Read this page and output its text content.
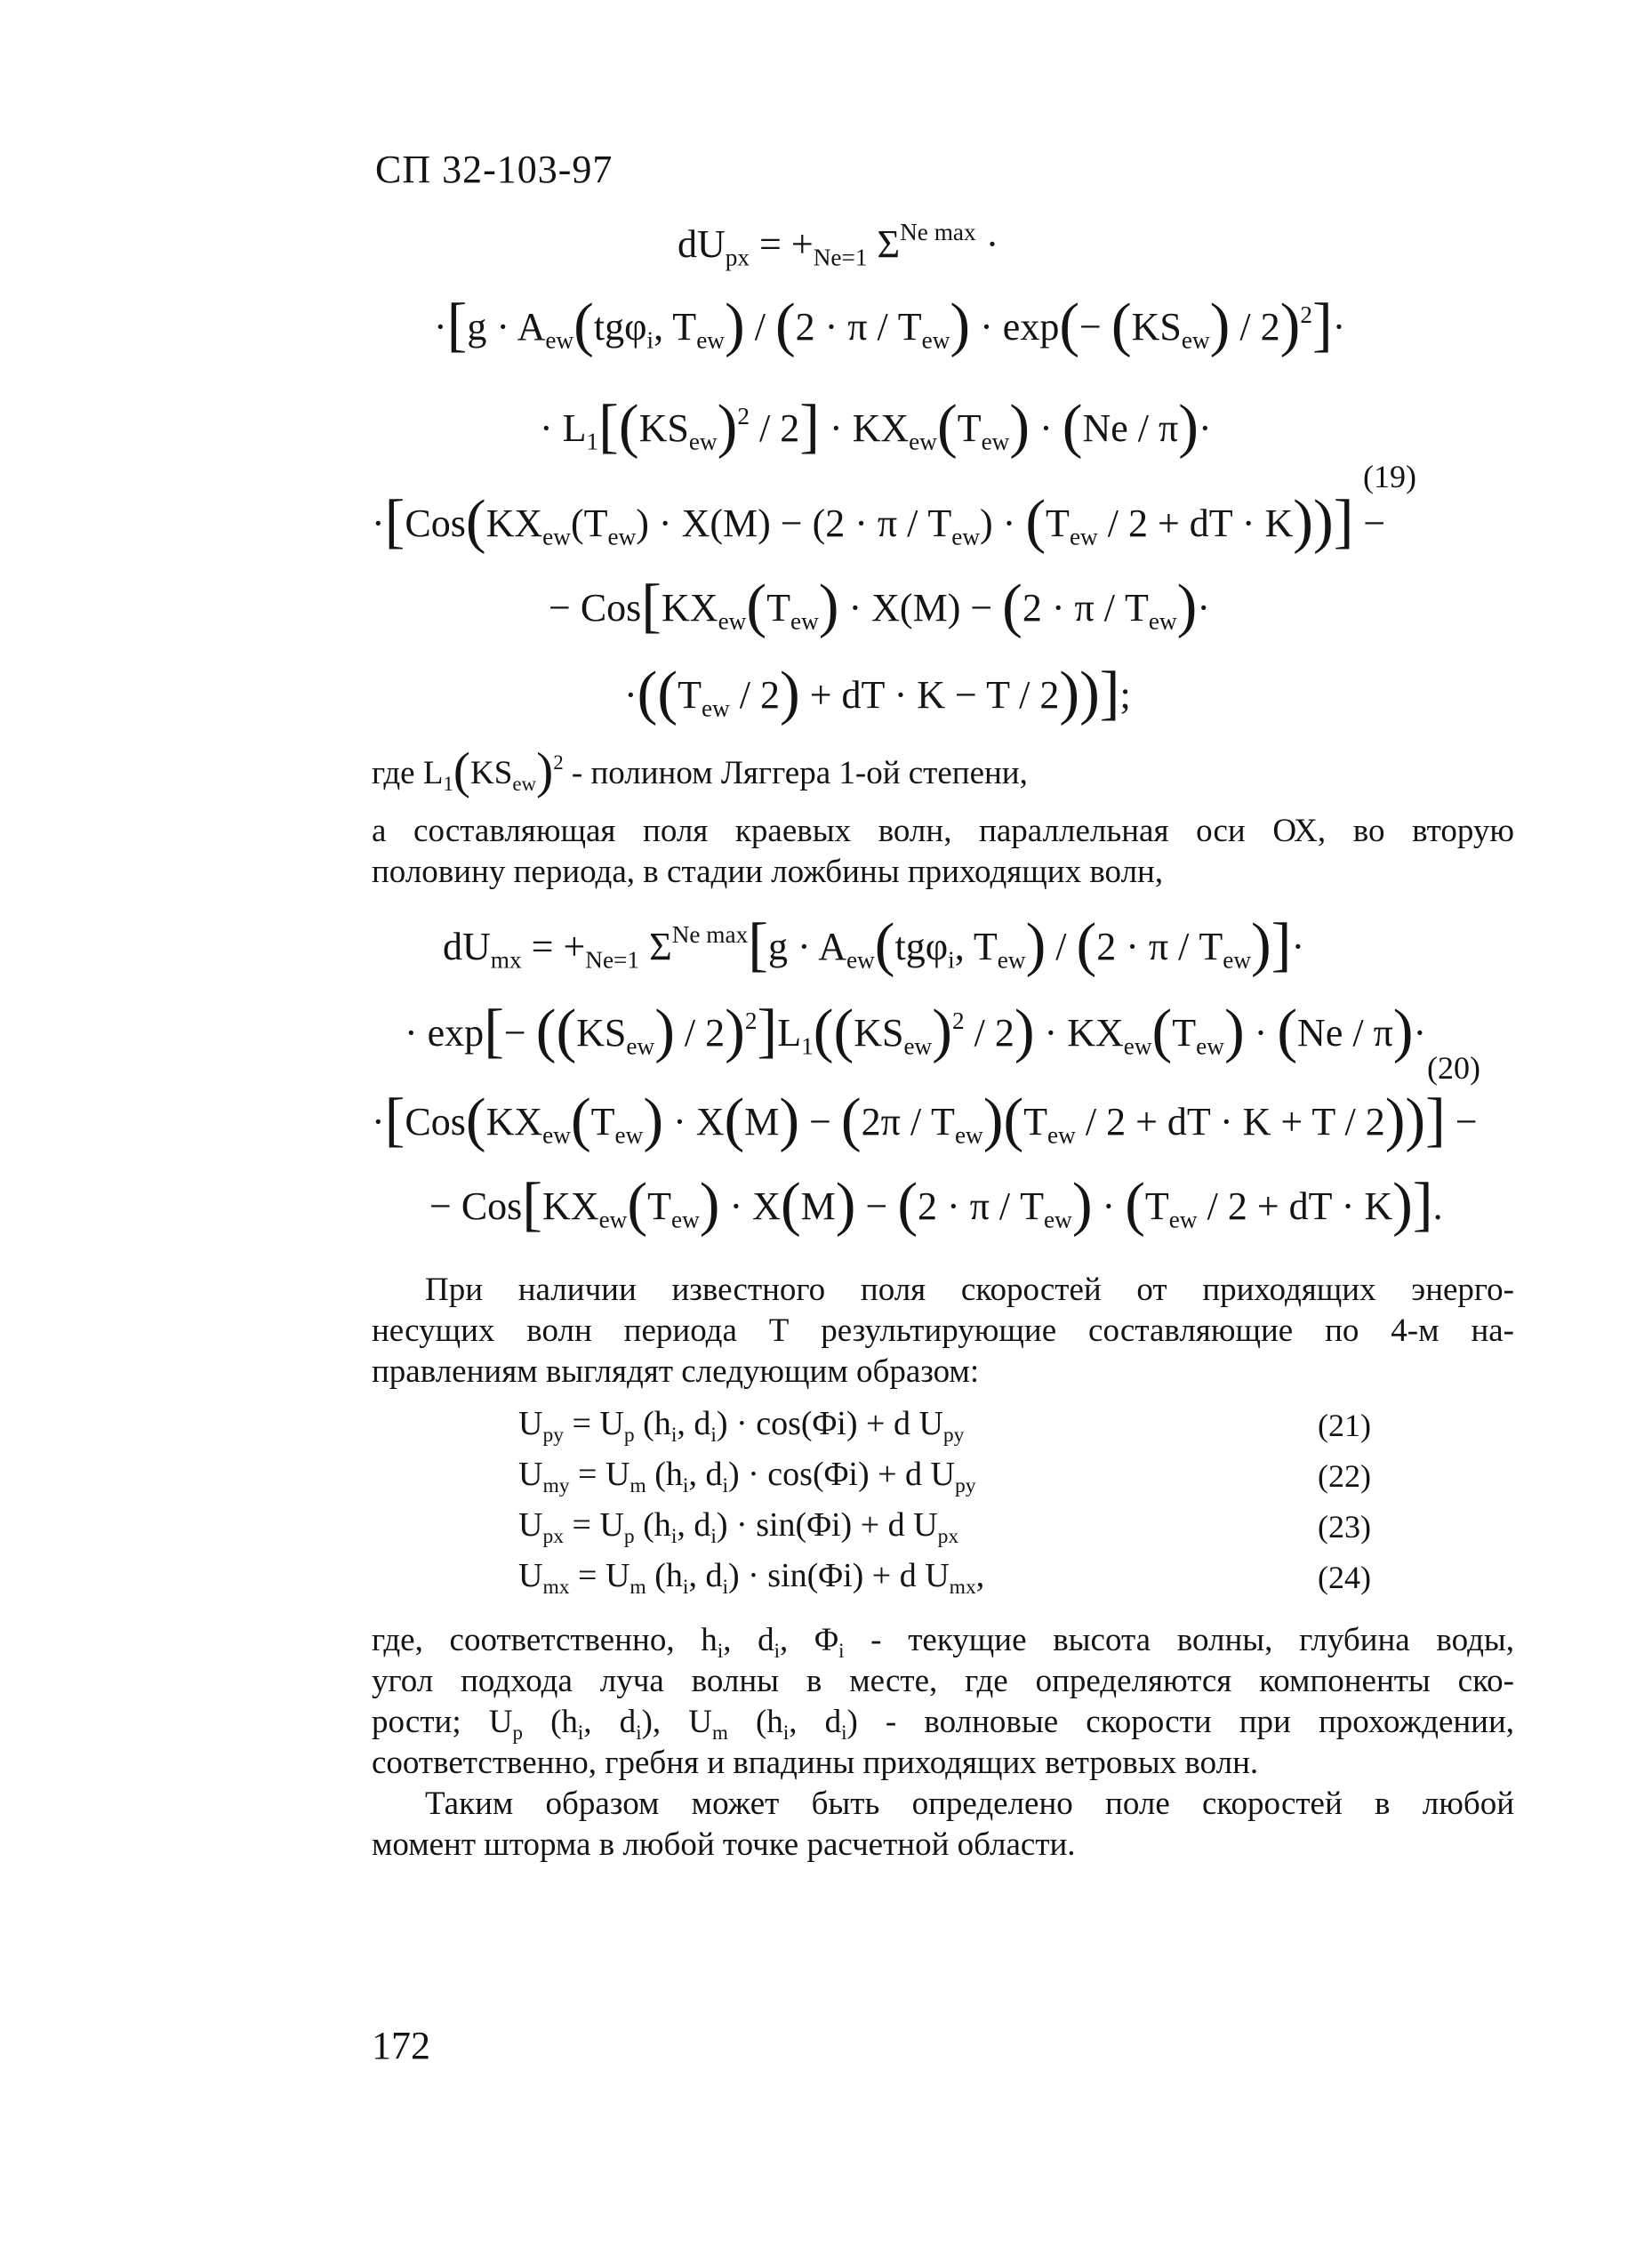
СП 32-103-97
$dU_{px} = +_{Ne=1}$ $\Sigma^{Ne max}$ ·
$\cdot[g \cdot A_{ew}(tg\varphi_i$, $T_{ew}) / (2 \cdot \pi / T_{ew}) \cdot \exp(- (KS_{ew}) / 2)^2]\cdot$
· $L_1[(KS_{ew})^2 / 2] \cdot KX_{ew}(T_{ew}) \cdot (Ne / \pi)\cdot$
(19)
$\cdot[Cos(KX_{ew}(T_{ew}) \cdot X(M) - (2 \cdot \pi / T_{ew}) \cdot (T_{ew} / 2$ + dT · K))] −
− $Cos[KX_{ew}(T_{ew}) \cdot X(M) - (2 \cdot \pi / T_{ew})\cdot$
$\cdot((T_{ew} / 2)$ + dT · K − T / 2))];
где $L_1(KS_{ew})^2$ - полином Ляггера 1-ой степени,
а составляющая поля краевых волн, параллельная оси ОХ, во вторую
половину периода, в стадии ложбины приходящих волн,
$dU_{mx} = +_{Ne=1}$ $\Sigma^{Ne max}[g \cdot A_{ew}(tg\varphi_i$, $T_{ew}) / (2 \cdot \pi / T_{ew})]\cdot$
· $\exp[- ((KS_{ew}) / 2)^2]L_1((KS_{ew})^2 / 2) \cdot KX_{ew}(T_{ew}) \cdot (Ne / \pi)\cdot$
(20)
$\cdot[Cos(KX_{ew}(T_{ew}) \cdot X(M) - (2\pi / T_{ew})(T_{ew} / 2$ + dT · K + T / 2))] −
− $Cos[KX_{ew}(T_{ew}) \cdot X(M) - (2 \cdot \pi / T_{ew}) \cdot (T_{ew} / 2$ + dT · K)].
При наличии известного поля скоростей от приходящих энерго-
несущих волн периода Т результирующие составляющие по 4-м на-
правлениям выглядят следующим образом:
$U_{py} = U_p$ ($h_i$, $d_i) \cdot \cos(\Phi i) + d$ $U_{py}$	(21)
$U_{my} = U_m$ ($h_i$, $d_i) \cdot \cos(\Phi i) + d$ $U_{py}$	(22)
$U_{px} = U_p$ ($h_i$, $d_i) \cdot \sin(\Phi i) + d$ $U_{px}$	(23)
$U_{mx} = U_m$ ($h_i$, $d_i) \cdot \sin(\Phi i) + d$ $U_{mx}$,	(24)
где, соответственно, $h_i$, $d_i$, $\Phi_i$ - текущие высота волны, глубина воды,
угол подхода луча волны в месте, где определяются компоненты ско-
рости; $U_p$ ($h_i$, $d_i$), $U_m$ ($h_i$, $d_i$) - волновые скорости при прохождении,
соответственно, гребня и впадины приходящих ветровых волн.
Таким образом может быть определено поле скоростей в любой
момент шторма в любой точке расчетной области.
172
